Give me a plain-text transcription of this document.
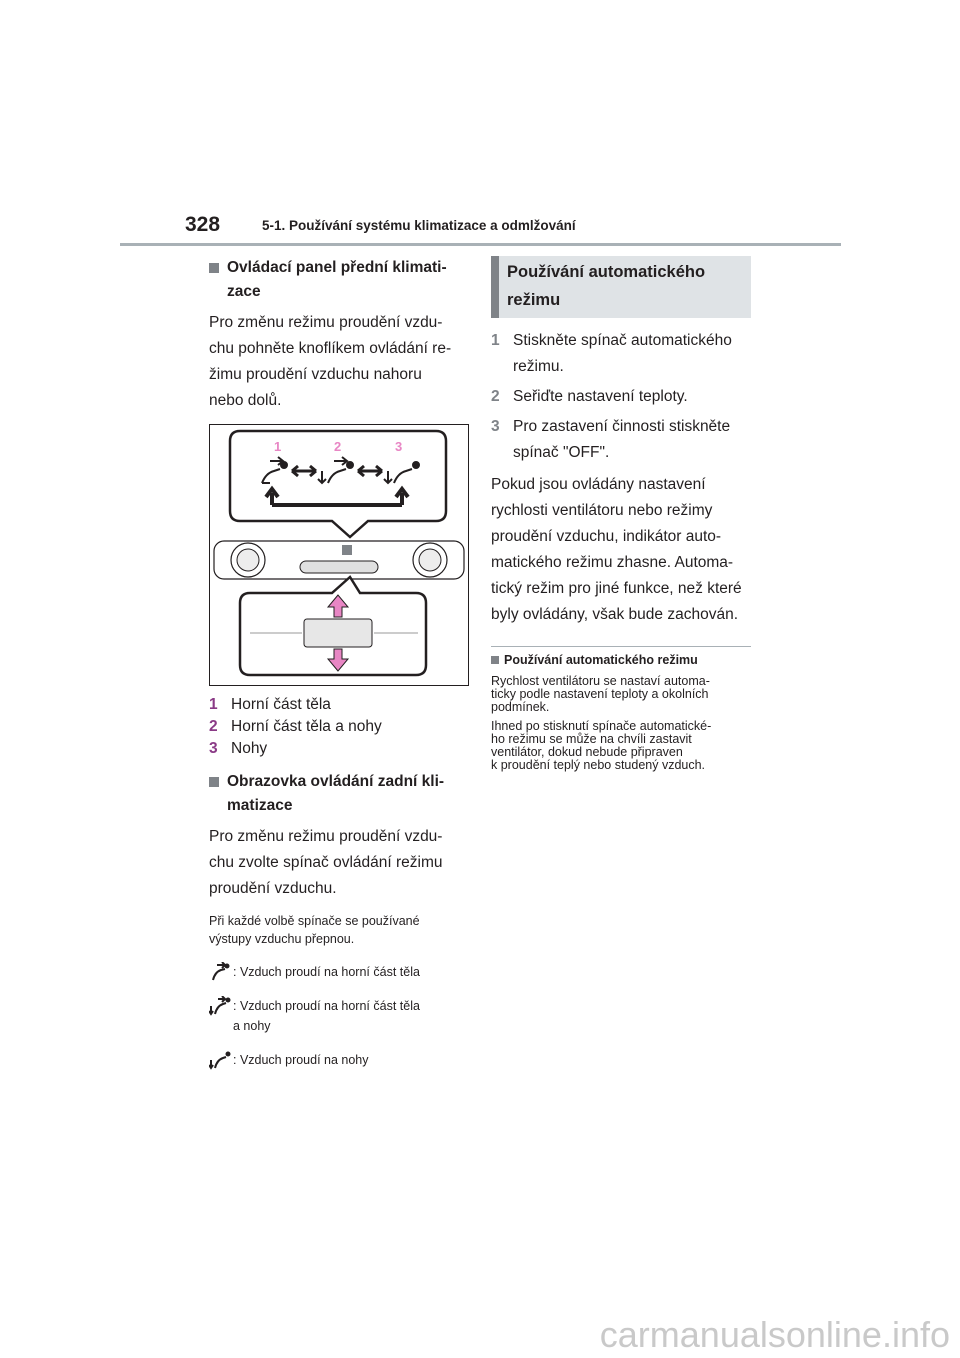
328	5-1. Používání systému klimatizace a odmlžování
Ovládací panel přední klimati-
zace
Pro změnu režimu proudění vzdu-
chu pohněte knoflíkem ovládání re-
žimu proudění vzduchu nahoru
nebo dolů.
1	2	3
1 Horní část těla
2 Horní část těla a nohy
3 Nohy
Obrazovka ovládání zadní kli-
matizace
Pro změnu režimu proudění vzdu-
chu zvolte spínač ovládání režimu
proudění vzduchu.
Při každé volbě spínače se používané
výstupy vzduchu přepnou.
: Vzduch proudí na horní část těla
: Vzduch proudí na horní část těla
a nohy
: Vzduch proudí na nohy
Používání automatického
režimu
1 Stiskněte spínač automatického
režimu.
2 Seřiďte nastavení teploty.
3 Pro zastavení činnosti stiskněte
spínač "OFF".
Pokud jsou ovládány nastavení
rychlosti ventilátoru nebo režimy
proudění vzduchu, indikátor auto-
matického režimu zhasne. Automa-
tický režim pro jiné funkce, než které
byly ovládány, však bude zachován.
Používání automatického režimu
Rychlost ventilátoru se nastaví automa-
ticky podle nastavení teploty a okolních
podmínek.
Ihned po stisknutí spínače automatické-
ho režimu se může na chvíli zastavit
ventilátor, dokud nebude připraven
k proudění teplý nebo studený vzduch.
carmanualsonline.info
